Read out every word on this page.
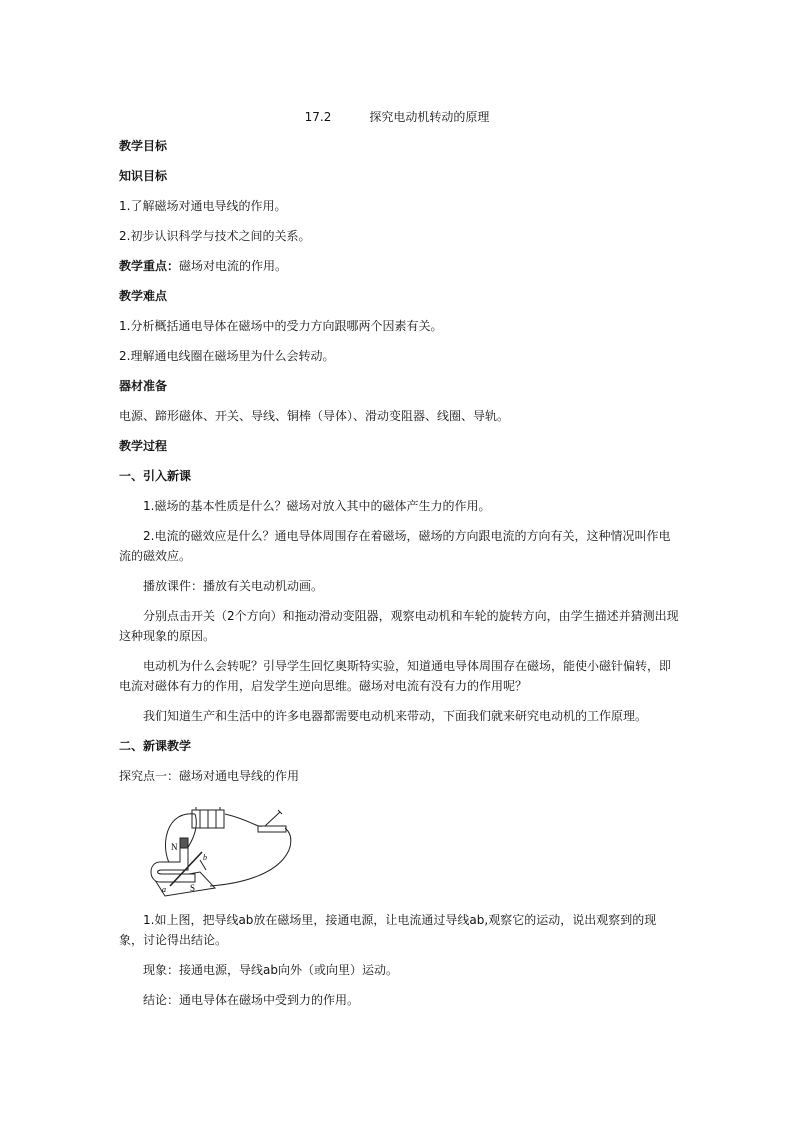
17.2	探究电动机转动的原理
教学目标
知识目标
1.了解磁场对通电导线的作用。
2.初步认识科学与技术之间的关系。
教学重点：磁场对电流的作用。
教学难点
1.分析概括通电导体在磁场中的受力方向跟哪两个因素有关。
2.理解通电线圈在磁场里为什么会转动。
器材准备
电源、蹄形磁体、开关、导线、铜棒（导体）、滑动变阻器、线圈、导轨。
教学过程
一、引入新课
1.磁场的基本性质是什么？磁场对放入其中的磁体产生力的作用。
2.电流的磁效应是什么？通电导体周围存在着磁场，磁场的方向跟电流的方向有关，这种情况叫作电流的磁效应。
播放课件：播放有关电动机动画。
分别点击开关（2个方向）和拖动滑动变阻器，观察电动机和车轮的旋转方向，由学生描述并猜测出现这种现象的原因。
电动机为什么会转呢？引导学生回忆奥斯特实验，知道通电导体周围存在磁场，能使小磁针偏转，即电流对磁体有力的作用，启发学生逆向思维。磁场对电流有没有力的作用呢？
我们知道生产和生活中的许多电器都需要电动机来带动，下面我们就来研究电动机的工作原理。
二、新课教学
探究点一：磁场对通电导线的作用
N
S
a
b
1.如上图，把导线ab放在磁场里，接通电源，让电流通过导线ab,观察它的运动，说出观察到的现象，讨论得出结论。
现象：接通电源，导线ab向外（或向里）运动。
结论：通电导体在磁场中受到力的作用。
